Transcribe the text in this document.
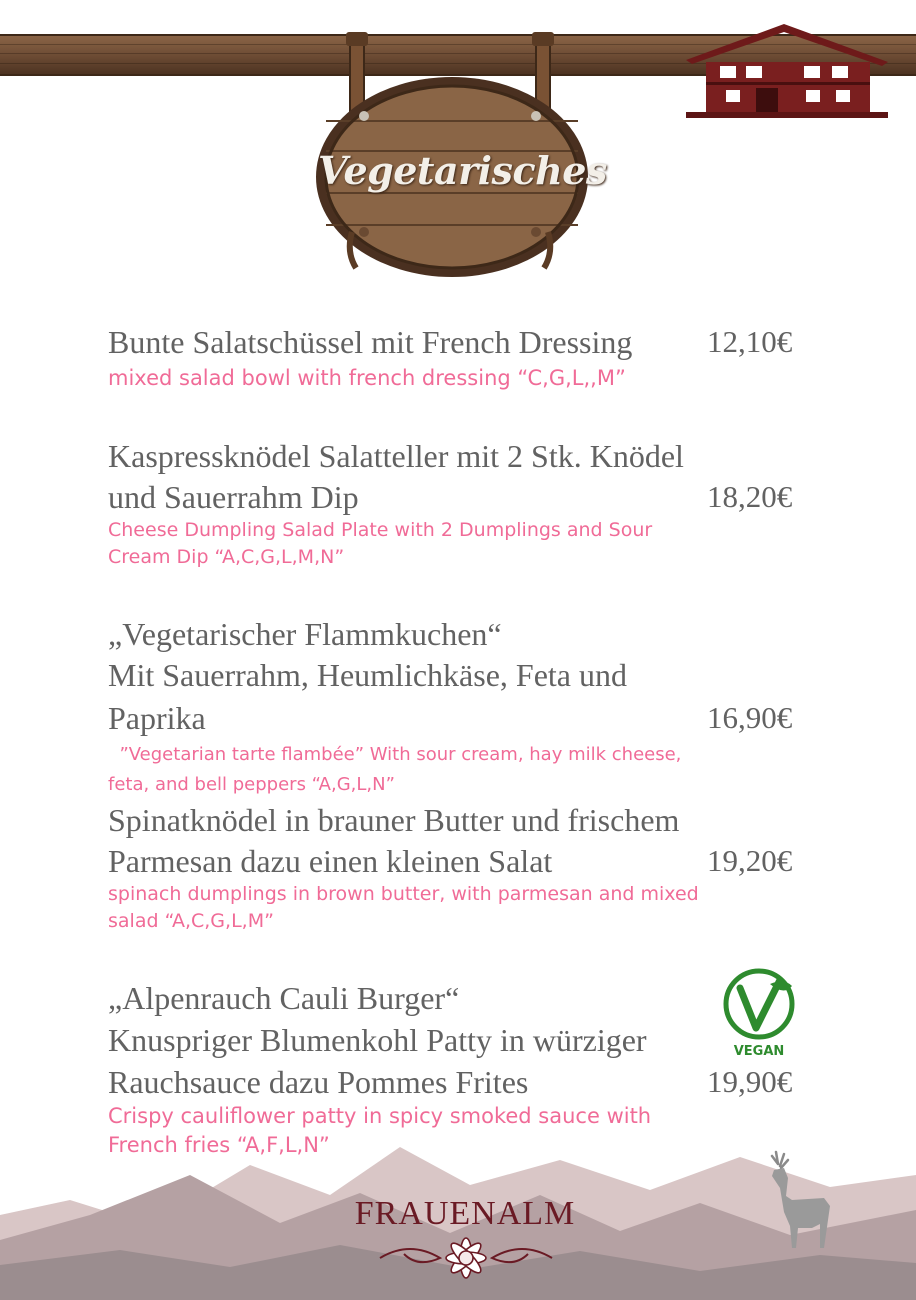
Vegetarisches
Bunte Salatschüssel mit French Dressing 12,10€
mixed salad bowl with french dressing “C,G,L,,M”
Kaspressknödel Salatteller mit 2 Stk. Knödel
und Sauerrahm Dip	18,20€
Cheese Dumpling Salad Plate with 2 Dumplings and Sour
Cream Dip “A,C,G,L,M,N”
„Vegetarischer Flammkuchen“
Mit Sauerrahm, Heumlichkäse, Feta und
Paprika	16,90€
”Vegetarian tarte flambée” With sour cream, hay milk cheese,
feta, and bell peppers “A,G,L,N”
Spinatknödel in brauner Butter und frischem
Parmesan dazu einen kleinen Salat	19,20€
spinach dumplings in brown butter, with parmesan and mixed
salad “A,C,G,L,M”
„Alpenrauch Cauli Burger“
Knuspriger Blumenkohl Patty in würziger
Rauchsauce dazu Pommes Frites	19,90€
Crispy cauliflower patty in spicy smoked sauce with
French fries “A,F,L,N”
VEGAN
FRAUENALM
